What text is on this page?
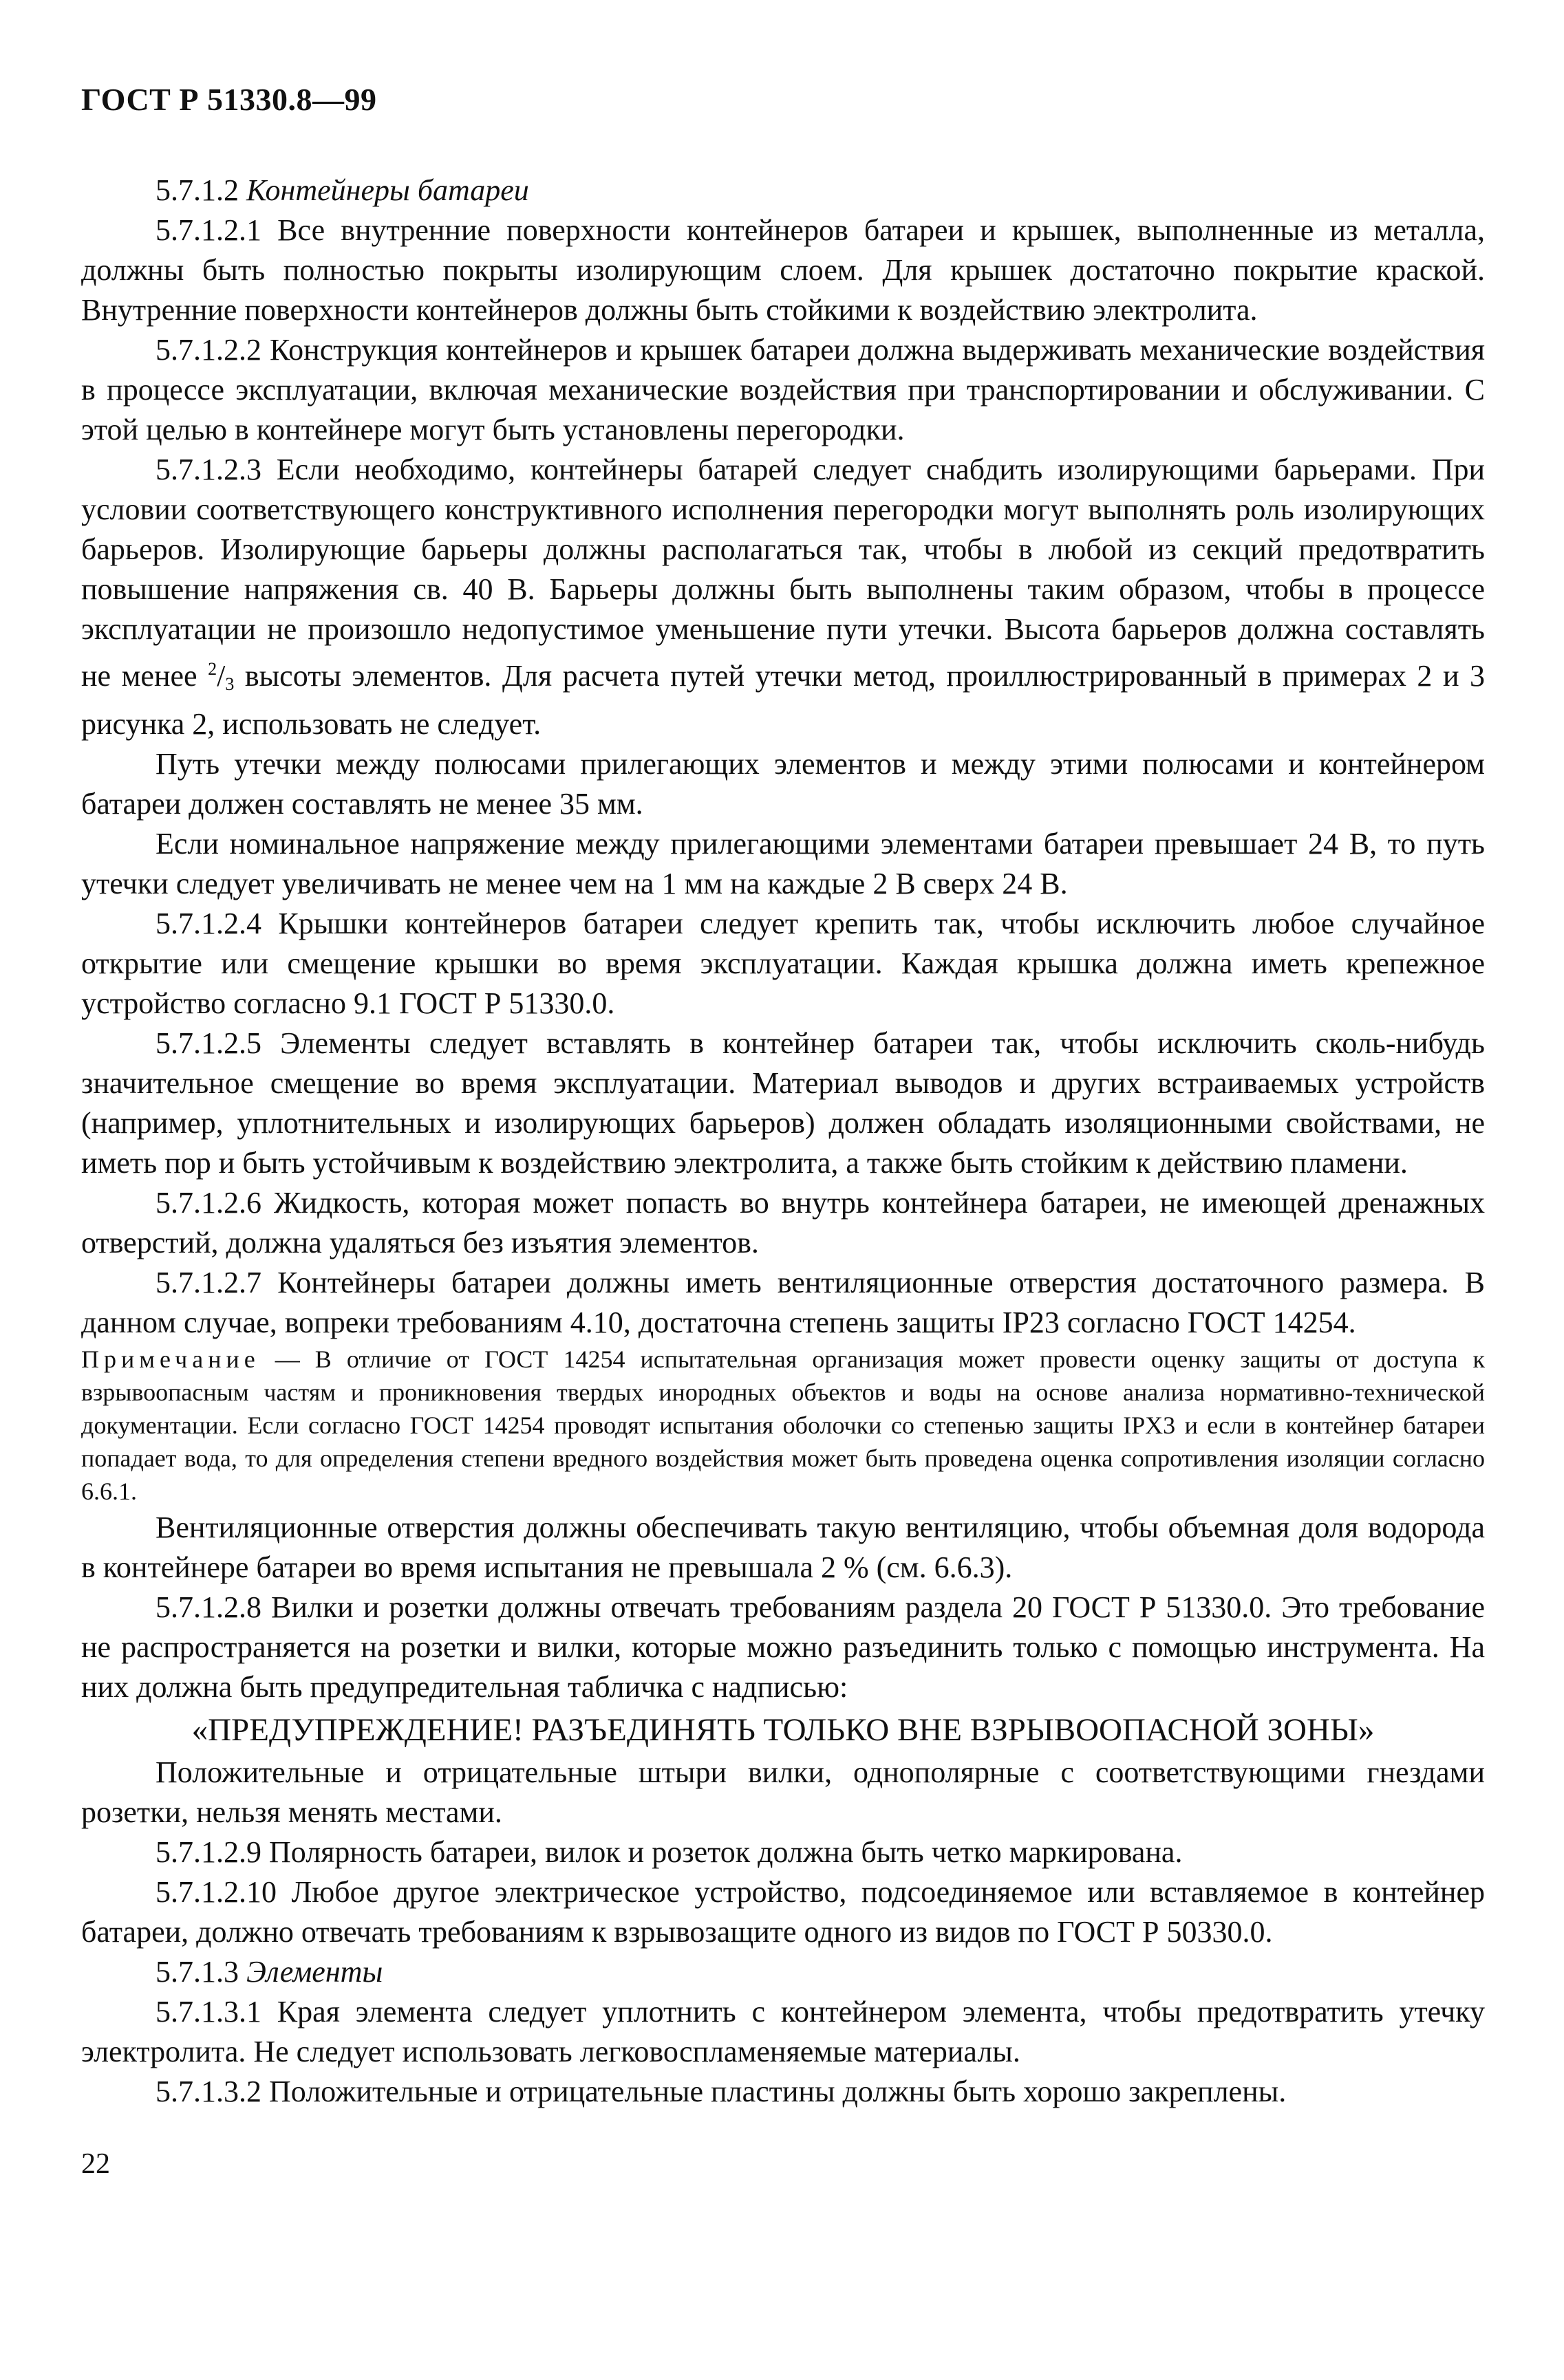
ГОСТ Р 51330.8—99

5.7.1.2 Контейнеры батареи

5.7.1.2.1 Все внутренние поверхности контейнеров батареи и крышек, выполненные из металла, должны быть полностью покрыты изолирующим слоем. Для крышек достаточно покрытие краской. Внутренние поверхности контейнеров должны быть стойкими к воздействию электролита.

5.7.1.2.2 Конструкция контейнеров и крышек батареи должна выдерживать механические воздействия в процессе эксплуатации, включая механические воздействия при транспортировании и обслуживании. С этой целью в контейнере могут быть установлены перегородки.

5.7.1.2.3 Если необходимо, контейнеры батарей следует снабдить изолирующими барьерами. При условии соответствующего конструктивного исполнения перегородки могут выполнять роль изолирующих барьеров. Изолирующие барьеры должны располагаться так, чтобы в любой из секций предотвратить повышение напряжения св. 40 В. Барьеры должны быть выполнены таким образом, чтобы в процессе эксплуатации не произошло недопустимое уменьшение пути утечки. Высота барьеров должна составлять не менее $^2/_3$ высоты элементов. Для расчета путей утечки метод, проиллюстрированный в примерах 2 и 3 рисунка 2, использовать не следует.

Путь утечки между полюсами прилегающих элементов и между этими полюсами и контейнером батареи должен составлять не менее 35 мм.

Если номинальное напряжение между прилегающими элементами батареи превышает 24 В, то путь утечки следует увеличивать не менее чем на 1 мм на каждые 2 В сверх 24 В.

5.7.1.2.4 Крышки контейнеров батареи следует крепить так, чтобы исключить любое случайное открытие или смещение крышки во время эксплуатации. Каждая крышка должна иметь крепежное устройство согласно 9.1 ГОСТ Р 51330.0.

5.7.1.2.5 Элементы следует вставлять в контейнер батареи так, чтобы исключить сколь-нибудь значительное смещение во время эксплуатации. Материал выводов и других встраиваемых устройств (например, уплотнительных и изолирующих барьеров) должен обладать изоляционными свойствами, не иметь пор и быть устойчивым к воздействию электролита, а также быть стойким к действию пламени.

5.7.1.2.6 Жидкость, которая может попасть во внутрь контейнера батареи, не имеющей дренажных отверстий, должна удаляться без изъятия элементов.

5.7.1.2.7 Контейнеры батареи должны иметь вентиляционные отверстия достаточного размера. В данном случае, вопреки требованиям 4.10, достаточна степень защиты IP23 согласно ГОСТ 14254.

Примечание — В отличие от ГОСТ 14254 испытательная организация может провести оценку защиты от доступа к взрывоопасным частям и проникновения твердых инородных объектов и воды на основе анализа нормативно-технической документации. Если согласно ГОСТ 14254 проводят испытания оболочки со степенью защиты IPX3 и если в контейнер батареи попадает вода, то для определения степени вредного воздействия может быть проведена оценка сопротивления изоляции согласно 6.6.1.

Вентиляционные отверстия должны обеспечивать такую вентиляцию, чтобы объемная доля водорода в контейнере батареи во время испытания не превышала 2 % (см. 6.6.3).

5.7.1.2.8 Вилки и розетки должны отвечать требованиям раздела 20 ГОСТ Р 51330.0. Это требование не распространяется на розетки и вилки, которые можно разъединить только с помощью инструмента. На них должна быть предупредительная табличка с надписью:

«ПРЕДУПРЕЖДЕНИЕ! РАЗЪЕДИНЯТЬ ТОЛЬКО ВНЕ ВЗРЫВООПАСНОЙ ЗОНЫ»

Положительные и отрицательные штыри вилки, однополярные с соответствующими гнездами розетки, нельзя менять местами.

5.7.1.2.9 Полярность батареи, вилок и розеток должна быть четко маркирована.

5.7.1.2.10 Любое другое электрическое устройство, подсоединяемое или вставляемое в контейнер батареи, должно отвечать требованиям к взрывозащите одного из видов по ГОСТ Р 50330.0.

5.7.1.3 Элементы

5.7.1.3.1 Края элемента следует уплотнить с контейнером элемента, чтобы предотвратить утечку электролита. Не следует использовать легковоспламеняемые материалы.

5.7.1.3.2 Положительные и отрицательные пластины должны быть хорошо закреплены.

22
